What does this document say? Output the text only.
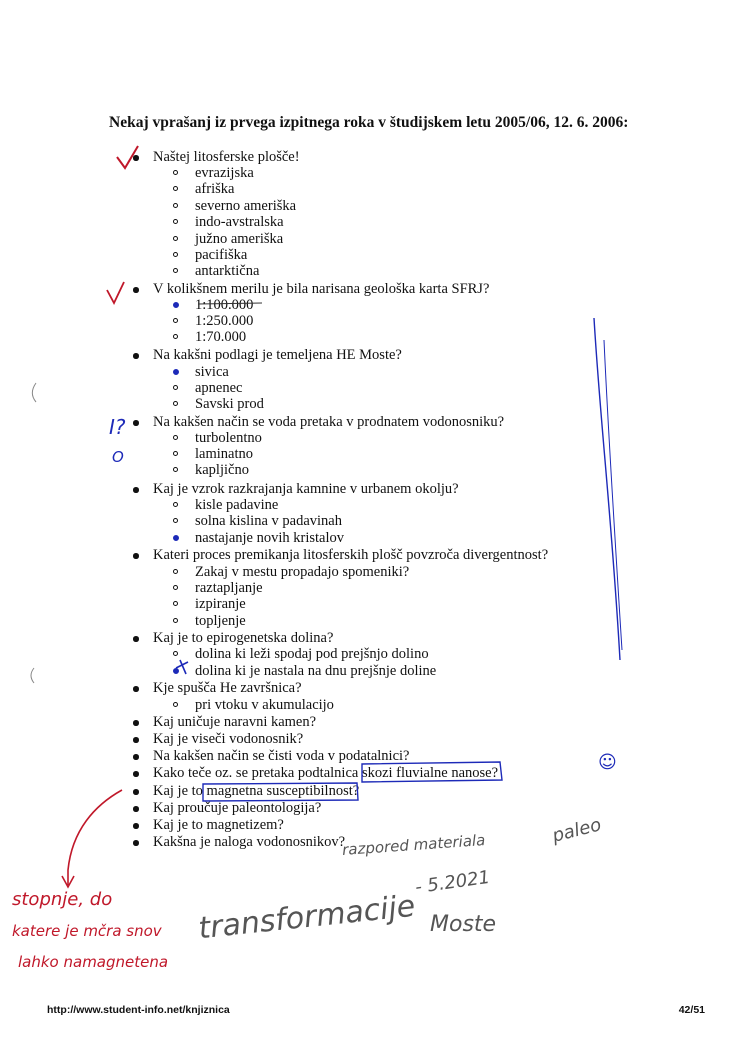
Nekaj vprašanj iz prvega izpitnega roka v študijskem letu 2005/06, 12. 6. 2006:
Naštej litosferske plošče!
evrazijska
afriška
severno ameriška
indo-avstralska
južno ameriška
pacifiška
antarktična
V kolikšnem merilu je bila narisana geološka karta SFRJ?
1:100.000
1:250.000
1:70.000
Na kakšni podlagi je temeljena HE Moste?
sivica
apnenec
Savski prod
Na kakšen način se voda pretaka v prodnatem vodonosniku?
turbolentno
laminatno
kapljično
Kaj je vzrok razkrajanja kamnine v urbanem okolju?
kisle padavine
solna kislina v padavinah
nastajanje novih kristalov
Kateri proces premikanja litosferskih plošč povzroča divergentnost?
Zakaj v mestu propadajo spomeniki?
raztapljanje
izpiranje
topljenje
Kaj je to epirogenetska dolina?
dolina ki leži spodaj pod prejšnjo dolino
dolina ki je nastala na dnu prejšnje doline
Kje spušča He završnica?
pri vtoku v akumulacijo
Kaj uničuje naravni kamen?
Kaj je viseči vodonosnik?
Na kakšen način se čisti voda v podatalnici?
Kako teče oz. se pretaka podtalnica skozi fluvialne nanose?
Kaj je to magnetna susceptibilnost?
Kaj proučuje paleontologija?
Kaj je to magnetizem?
Kakšna je naloga vodonosnikov?
stopnje, do
katere je mčra snov
lahko namagnetena
transformacije Moste
- 5.2021
razpored materiala	paleo
I?
O
☺
http://www.student-info.net/knjiznica	42/51
